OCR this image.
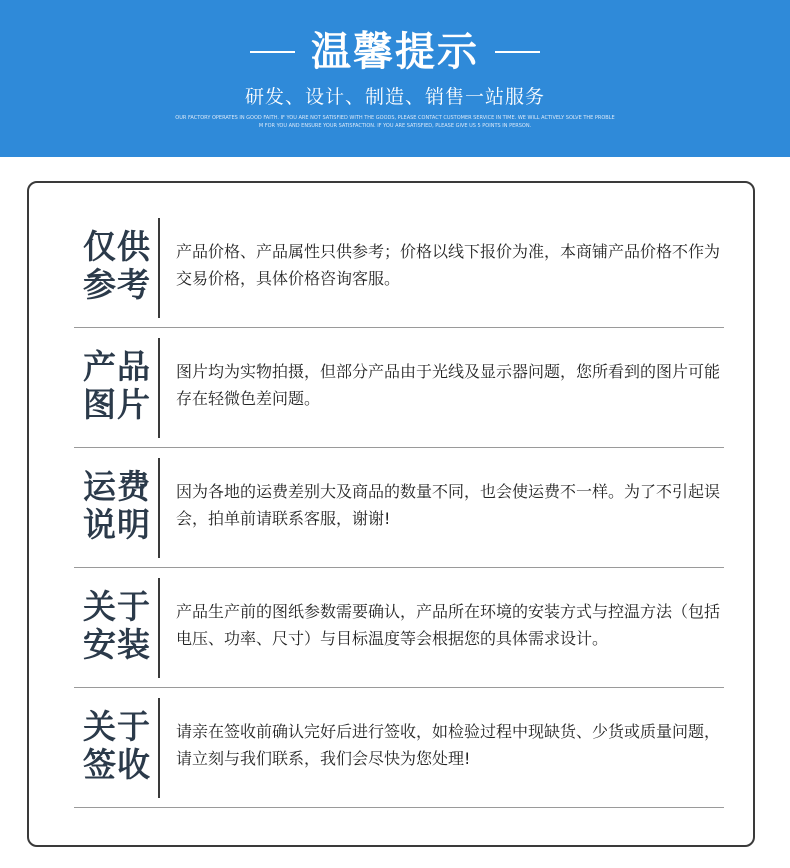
温馨提示
研发、设计、制造、销售一站服务
OUR FACTORY OPERATES IN GOOD FAITH. IF YOU ARE NOT SATISFIED WITH THE GOODS, PLEASE CONTACT CUSTOMER SERVICE IN TIME. WE WILL ACTIVELY SOLVE THE PROBLE
M FOR YOU AND ENSURE YOUR SATISFACTION. IF YOU ARE SATISFIED, PLEASE GIVE US 5 POINTS IN PERSON.
仅供
参考
产品价格、产品属性只供参考；价格以线下报价为准，本商铺产品价格不作为交易价格，具体价格咨询客服。
产品
图片
图片均为实物拍摄，但部分产品由于光线及显示器问题，您所看到的图片可能存在轻微色差问题。
运费
说明
因为各地的运费差别大及商品的数量不同，也会使运费不一样。为了不引起误会，拍单前请联系客服，谢谢!
关于
安装
产品生产前的图纸参数需要确认，产品所在环境的安装方式与控温方法（包括电压、功率、尺寸）与目标温度等会根据您的具体需求设计。
关于
签收
请亲在签收前确认完好后进行签收，如检验过程中现缺货、少货或质量问题，请立刻与我们联系，我们会尽快为您处理!
